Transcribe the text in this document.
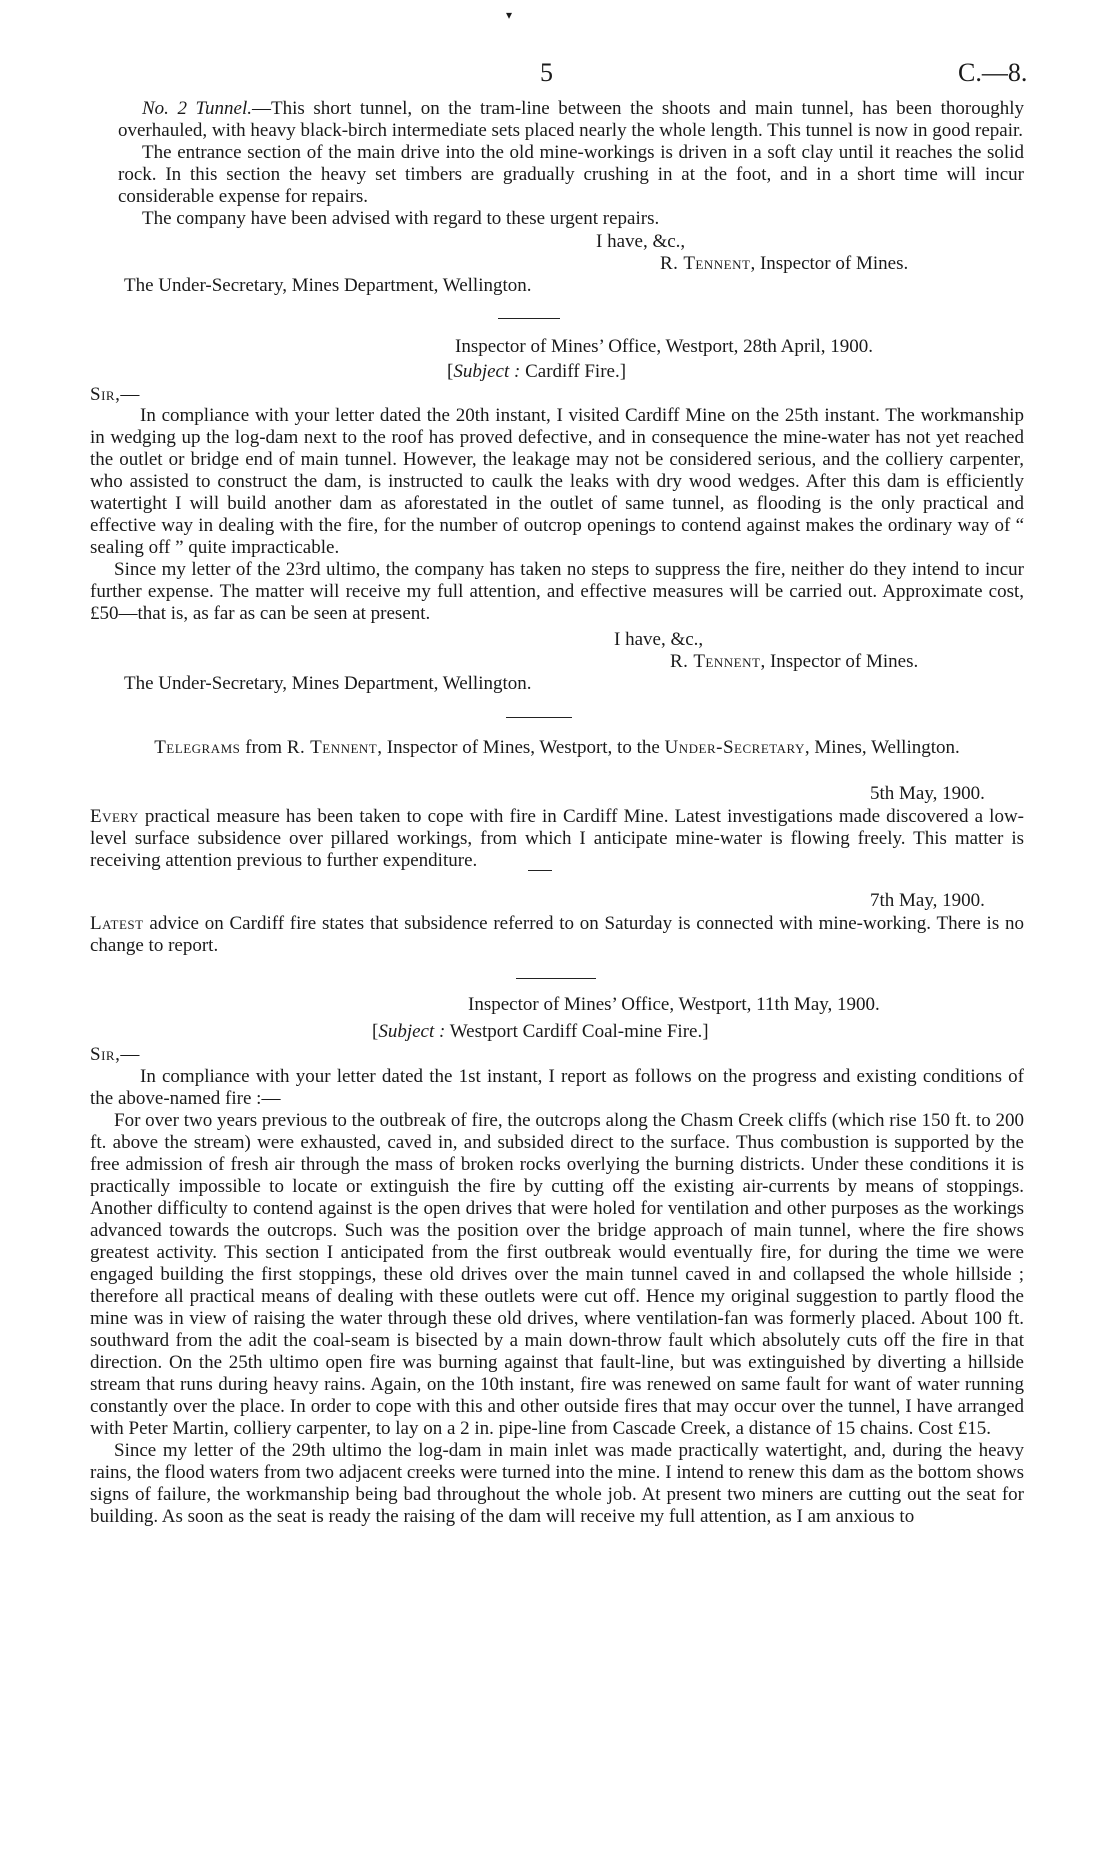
▾
5	C.—8.

No. 2 Tunnel.—This short tunnel, on the tram-line between the shoots and main tunnel, has been thoroughly overhauled, with heavy black-birch intermediate sets placed nearly the whole length. This tunnel is now in good repair.

The entrance section of the main drive into the old mine-workings is driven in a soft clay until it reaches the solid rock. In this section the heavy set timbers are gradually crushing in at the foot, and in a short time will incur considerable expense for repairs.

The company have been advised with regard to these urgent repairs.

I have, &c.,
R. Tennent, Inspector of Mines.
The Under-Secretary, Mines Department, Wellington.
Inspector of Mines’ Office, Westport, 28th April, 1900.
[Subject : Cardiff Fire.]
Sir,—

In compliance with your letter dated the 20th instant, I visited Cardiff Mine on the 25th instant. The workmanship in wedging up the log-dam next to the roof has proved defective, and in consequence the mine-water has not yet reached the outlet or bridge end of main tunnel. However, the leakage may not be considered serious, and the colliery carpenter, who assisted to construct the dam, is instructed to caulk the leaks with dry wood wedges. After this dam is efficiently watertight I will build another dam as aforestated in the outlet of same tunnel, as flooding is the only practical and effective way in dealing with the fire, for the number of outcrop openings to contend against makes the ordinary way of “ sealing off ” quite impracticable.

Since my letter of the 23rd ultimo, the company has taken no steps to suppress the fire, neither do they intend to incur further expense. The matter will receive my full attention, and effective measures will be carried out. Approximate cost, £50—that is, as far as can be seen at present.

I have, &c.,
R. Tennent, Inspector of Mines.
The Under-Secretary, Mines Department, Wellington.

Telegrams from R. Tennent, Inspector of Mines, Westport, to the Under-Secretary, Mines, Wellington.

5th May, 1900.

Every practical measure has been taken to cope with fire in Cardiff Mine. Latest investigations made discovered a low-level surface subsidence over pillared workings, from which I anticipate mine-water is flowing freely. This matter is receiving attention previous to further expenditure.

7th May, 1900.

Latest advice on Cardiff fire states that subsidence referred to on Saturday is connected with mine-working. There is no change to report.

Inspector of Mines’ Office, Westport, 11th May, 1900.
[Subject : Westport Cardiff Coal-mine Fire.]
Sir,—

In compliance with your letter dated the 1st instant, I report as follows on the progress and existing conditions of the above-named fire :—

For over two years previous to the outbreak of fire, the outcrops along the Chasm Creek cliffs (which rise 150 ft. to 200 ft. above the stream) were exhausted, caved in, and subsided direct to the surface. Thus combustion is supported by the free admission of fresh air through the mass of broken rocks overlying the burning districts. Under these conditions it is practically impossible to locate or extinguish the fire by cutting off the existing air-currents by means of stoppings. Another difficulty to contend against is the open drives that were holed for ventilation and other purposes as the workings advanced towards the outcrops. Such was the position over the bridge approach of main tunnel, where the fire shows greatest activity. This section I anticipated from the first outbreak would eventually fire, for during the time we were engaged building the first stoppings, these old drives over the main tunnel caved in and collapsed the whole hillside ; therefore all practical means of dealing with these outlets were cut off. Hence my original suggestion to partly flood the mine was in view of raising the water through these old drives, where ventilation-fan was formerly placed. About 100 ft. southward from the adit the coal-seam is bisected by a main down-throw fault which absolutely cuts off the fire in that direction. On the 25th ultimo open fire was burning against that fault-line, but was extinguished by diverting a hillside stream that runs during heavy rains. Again, on the 10th instant, fire was renewed on same fault for want of water running constantly over the place. In order to cope with this and other outside fires that may occur over the tunnel, I have arranged with Peter Martin, colliery carpenter, to lay on a 2 in. pipe-line from Cascade Creek, a distance of 15 chains. Cost £15.

Since my letter of the 29th ultimo the log-dam in main inlet was made practically watertight, and, during the heavy rains, the flood waters from two adjacent creeks were turned into the mine. I intend to renew this dam as the bottom shows signs of failure, the workmanship being bad throughout the whole job. At present two miners are cutting out the seat for building. As soon as the seat is ready the raising of the dam will receive my full attention, as I am anxious to
